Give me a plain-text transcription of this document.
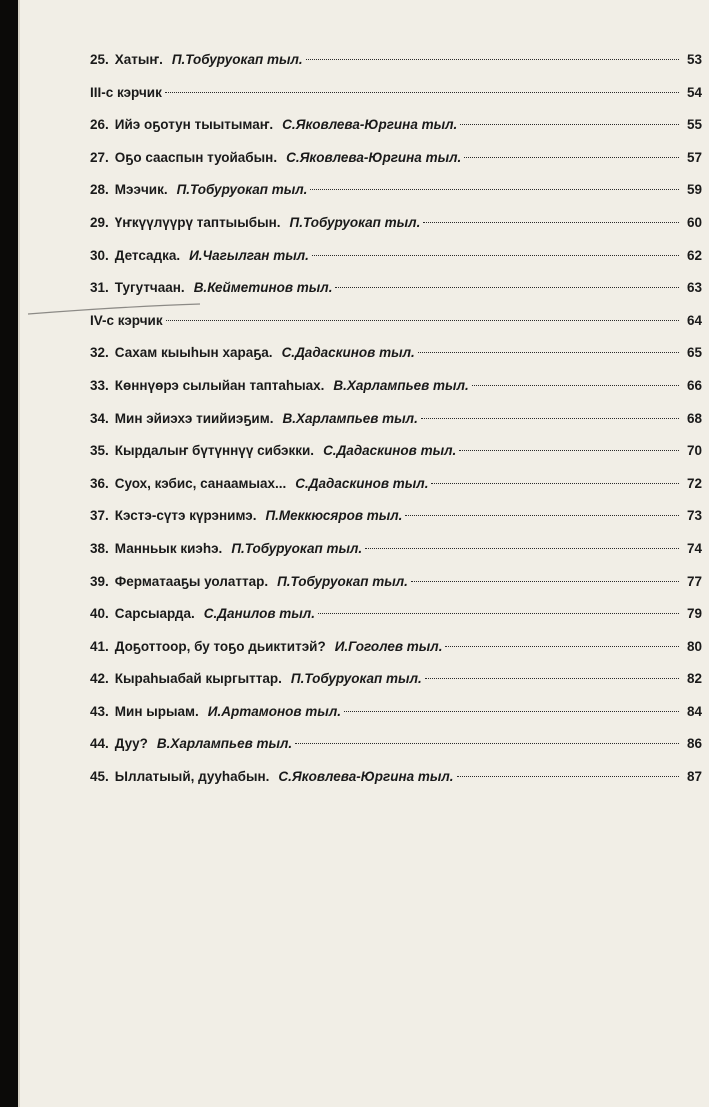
25. Хатыҥ. П.Тобуруокап тыл.	53
III-с кэрчик	54
26. Ийэ оҕотун тыытымаҥ. С.Яковлева-Юргина тыл.	55
27. Оҕо сааспын туойабын. С.Яковлева-Юргина тыл.	57
28. Мээчик. П.Тобуруокап тыл.	59
29. Үҥкүүлүүрү таптыыбын. П.Тобуруокап тыл.	60
30. Детсадка. И.Чагылган тыл.	62
31. Тугутчаан. В.Кейметинов тыл.	63
IV-с кэрчик	64
32. Сахам кыыһын хараҕа. С.Дадаскинов тыл.	65
33. Көннүөрэ сылыйан таптаһыах. В.Харлампьев тыл.	66
34. Мин эйиэхэ тиийиэҕим. В.Харлампьев тыл.	68
35. Кырдалыҥ бүтүннүү сибэкки. С.Дадаскинов тыл.	70
36. Суох, кэбис, санаамыах... С.Дадаскинов тыл.	72
37. Кэстэ-сүтэ күрэнимэ. П.Меккюсяров тыл.	73
38. Манньык киэһэ. П.Тобуруокап тыл.	74
39. Ферматааҕы уолаттар. П.Тобуруокап тыл.	77
40. Сарсыарда. С.Данилов тыл.	79
41. Доҕоттоор, бу тоҕо дьиктитэй? И.Гоголев тыл.	80
42. Кыраһыабай кыргыттар. П.Тобуруокап тыл.	82
43. Мин ырыам. И.Артамонов тыл.	84
44. Дуу? В.Харлампьев тыл.	86
45. Ыллатыый, дууһабын. С.Яковлева-Юргина тыл.	87
